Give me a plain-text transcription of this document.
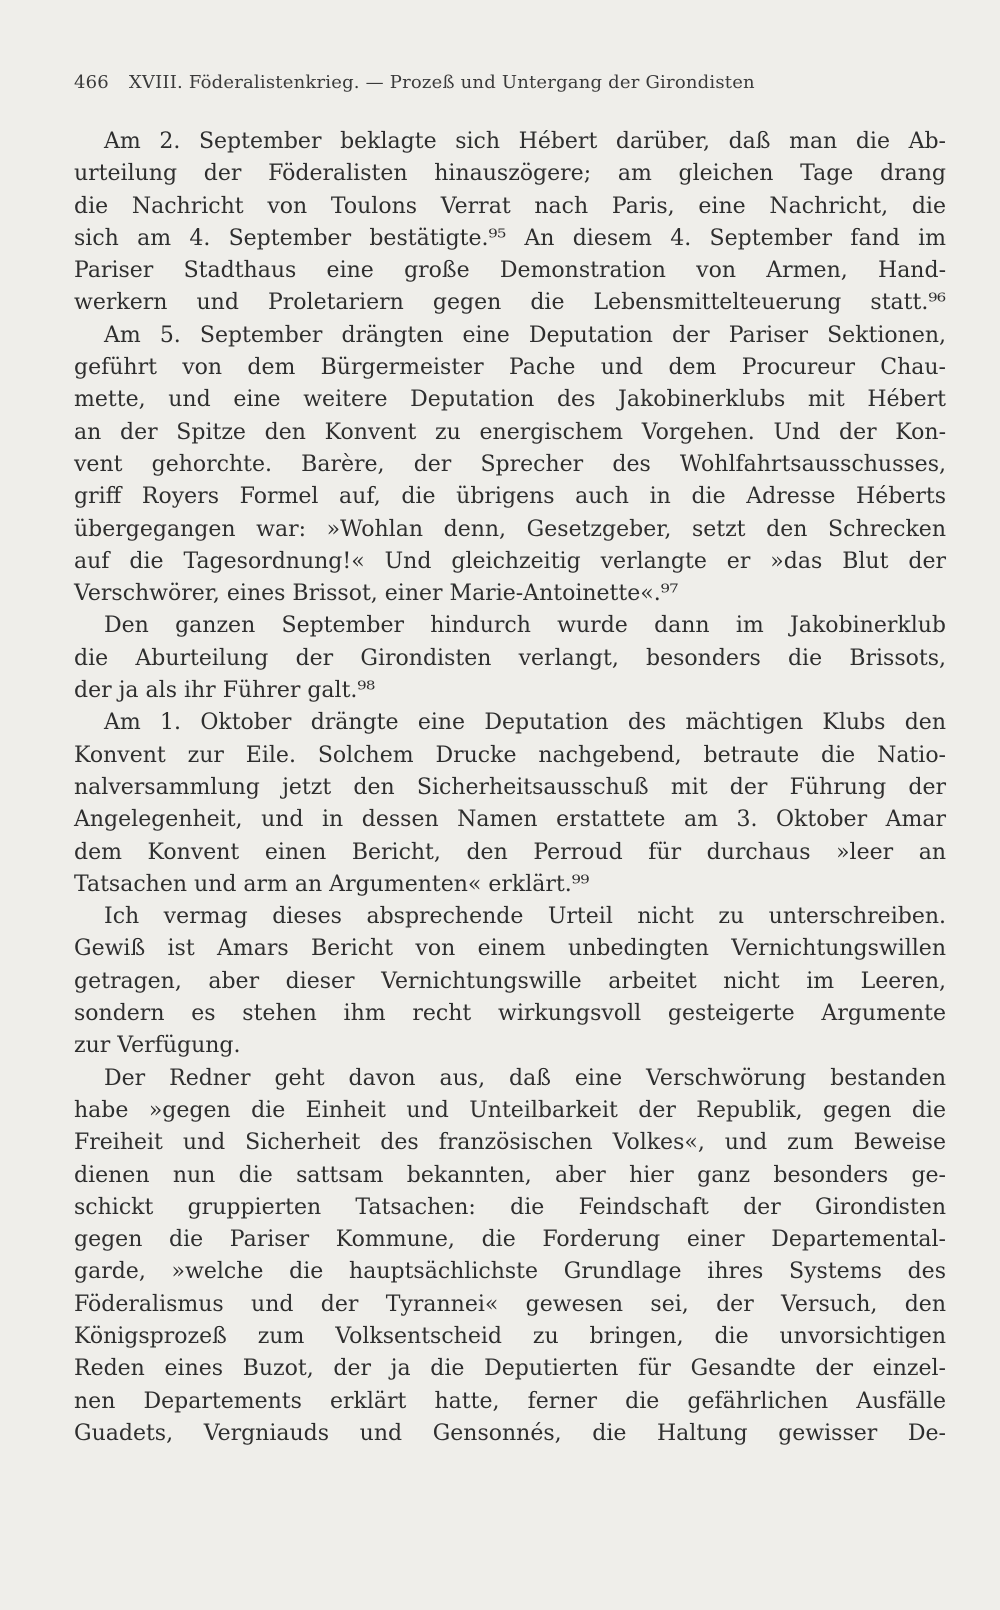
466 XVIII. Föderalistenkrieg. — Prozeß und Untergang der Girondisten
Am 2. September beklagte sich Hébert darüber, daß man die Ab-
urteilung der Föderalisten hinauszögere; am gleichen Tage drang
die Nachricht von Toulons Verrat nach Paris, eine Nachricht, die
sich am 4. September bestätigte.⁹⁵ An diesem 4. September fand im
Pariser Stadthaus eine große Demonstration von Armen, Hand-
werkern und Proletariern gegen die Lebensmittelteuerung statt.⁹⁶
Am 5. September drängten eine Deputation der Pariser Sektionen,
geführt von dem Bürgermeister Pache und dem Procureur Chau-
mette, und eine weitere Deputation des Jakobinerklubs mit Hébert
an der Spitze den Konvent zu energischem Vorgehen. Und der Kon-
vent gehorchte. Barère, der Sprecher des Wohlfahrtsausschusses,
griff Royers Formel auf, die übrigens auch in die Adresse Héberts
übergegangen war: »Wohlan denn, Gesetzgeber, setzt den Schrecken
auf die Tagesordnung!« Und gleichzeitig verlangte er »das Blut der
Verschwörer, eines Brissot, einer Marie-Antoinette«.⁹⁷
Den ganzen September hindurch wurde dann im Jakobinerklub
die Aburteilung der Girondisten verlangt, besonders die Brissots,
der ja als ihr Führer galt.⁹⁸
Am 1. Oktober drängte eine Deputation des mächtigen Klubs den
Konvent zur Eile. Solchem Drucke nachgebend, betraute die Natio-
nalversammlung jetzt den Sicherheitsausschuß mit der Führung der
Angelegenheit, und in dessen Namen erstattete am 3. Oktober Amar
dem Konvent einen Bericht, den Perroud für durchaus »leer an
Tatsachen und arm an Argumenten« erklärt.⁹⁹
Ich vermag dieses absprechende Urteil nicht zu unterschreiben.
Gewiß ist Amars Bericht von einem unbedingten Vernichtungswillen
getragen, aber dieser Vernichtungswille arbeitet nicht im Leeren,
sondern es stehen ihm recht wirkungsvoll gesteigerte Argumente
zur Verfügung.
Der Redner geht davon aus, daß eine Verschwörung bestanden
habe »gegen die Einheit und Unteilbarkeit der Republik, gegen die
Freiheit und Sicherheit des französischen Volkes«, und zum Beweise
dienen nun die sattsam bekannten, aber hier ganz besonders ge-
schickt gruppierten Tatsachen: die Feindschaft der Girondisten
gegen die Pariser Kommune, die Forderung einer Departemental-
garde, »welche die hauptsächlichste Grundlage ihres Systems des
Föderalismus und der Tyrannei« gewesen sei, der Versuch, den
Königsprozeß zum Volksentscheid zu bringen, die unvorsichtigen
Reden eines Buzot, der ja die Deputierten für Gesandte der einzel-
nen Departements erklärt hatte, ferner die gefährlichen Ausfälle
Guadets, Vergniauds und Gensonnés, die Haltung gewisser De-
